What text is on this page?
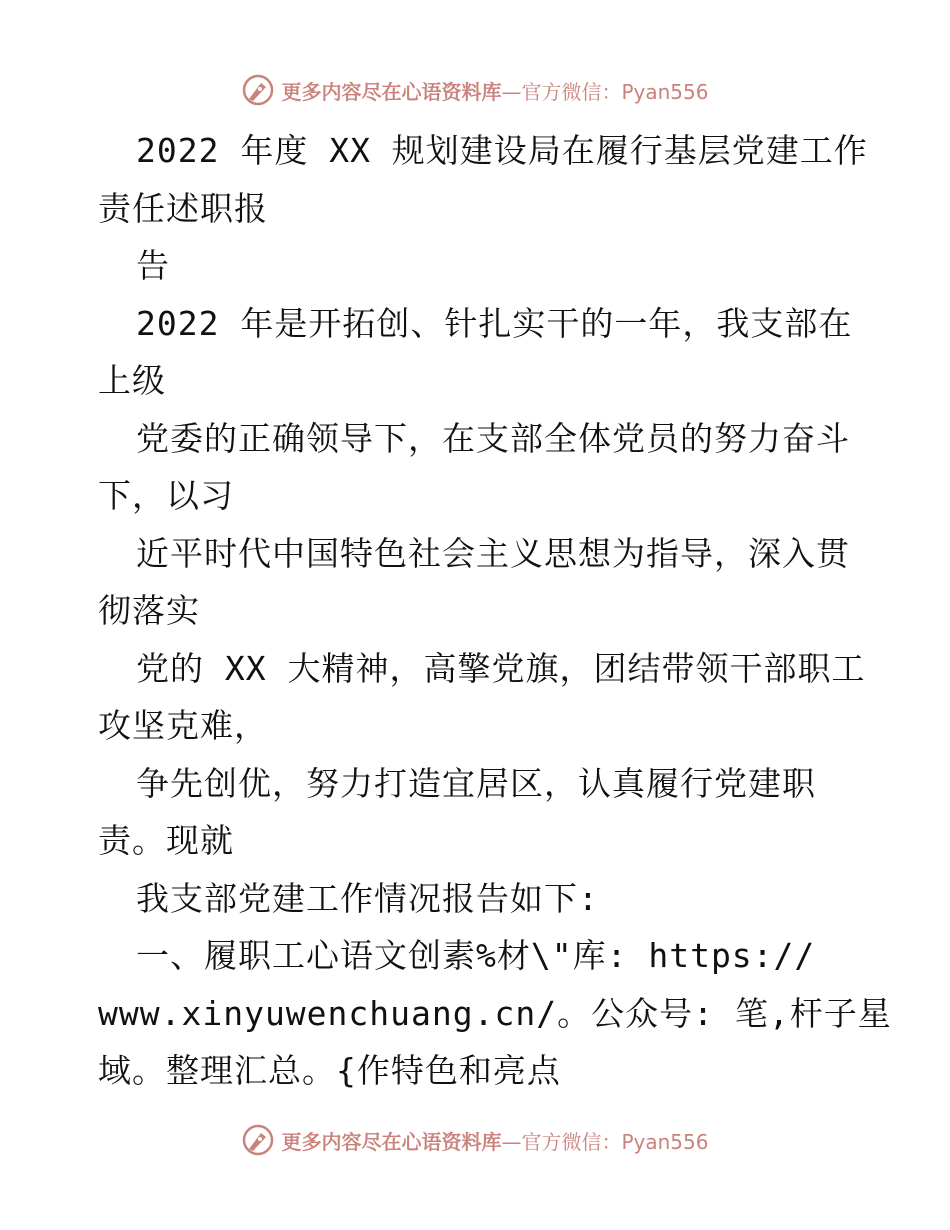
更多内容尽在心语资料库—官方微信：Pyan556
2022 年度 XX 规划建设局在履行基层党建工作
责任述职报
告
2022 年是开拓创、针扎实干的一年，我支部在
上级
党委的正确领导下，在支部全体党员的努力奋斗
下，以习
近平时代中国特色社会主义思想为指导，深入贯
彻落实
党的 XX 大精神，高擎党旗，团结带领干部职工
攻坚克难，
争先创优，努力打造宜居区，认真履行党建职
责。现就
我支部党建工作情况报告如下:
一、履职工心语文创素%材\"库: https://
www.xinyuwenchuang.cn/。公众号: 笔,杆子星
域。整理汇总。{作特色和亮点
更多内容尽在心语资料库—官方微信：Pyan556
